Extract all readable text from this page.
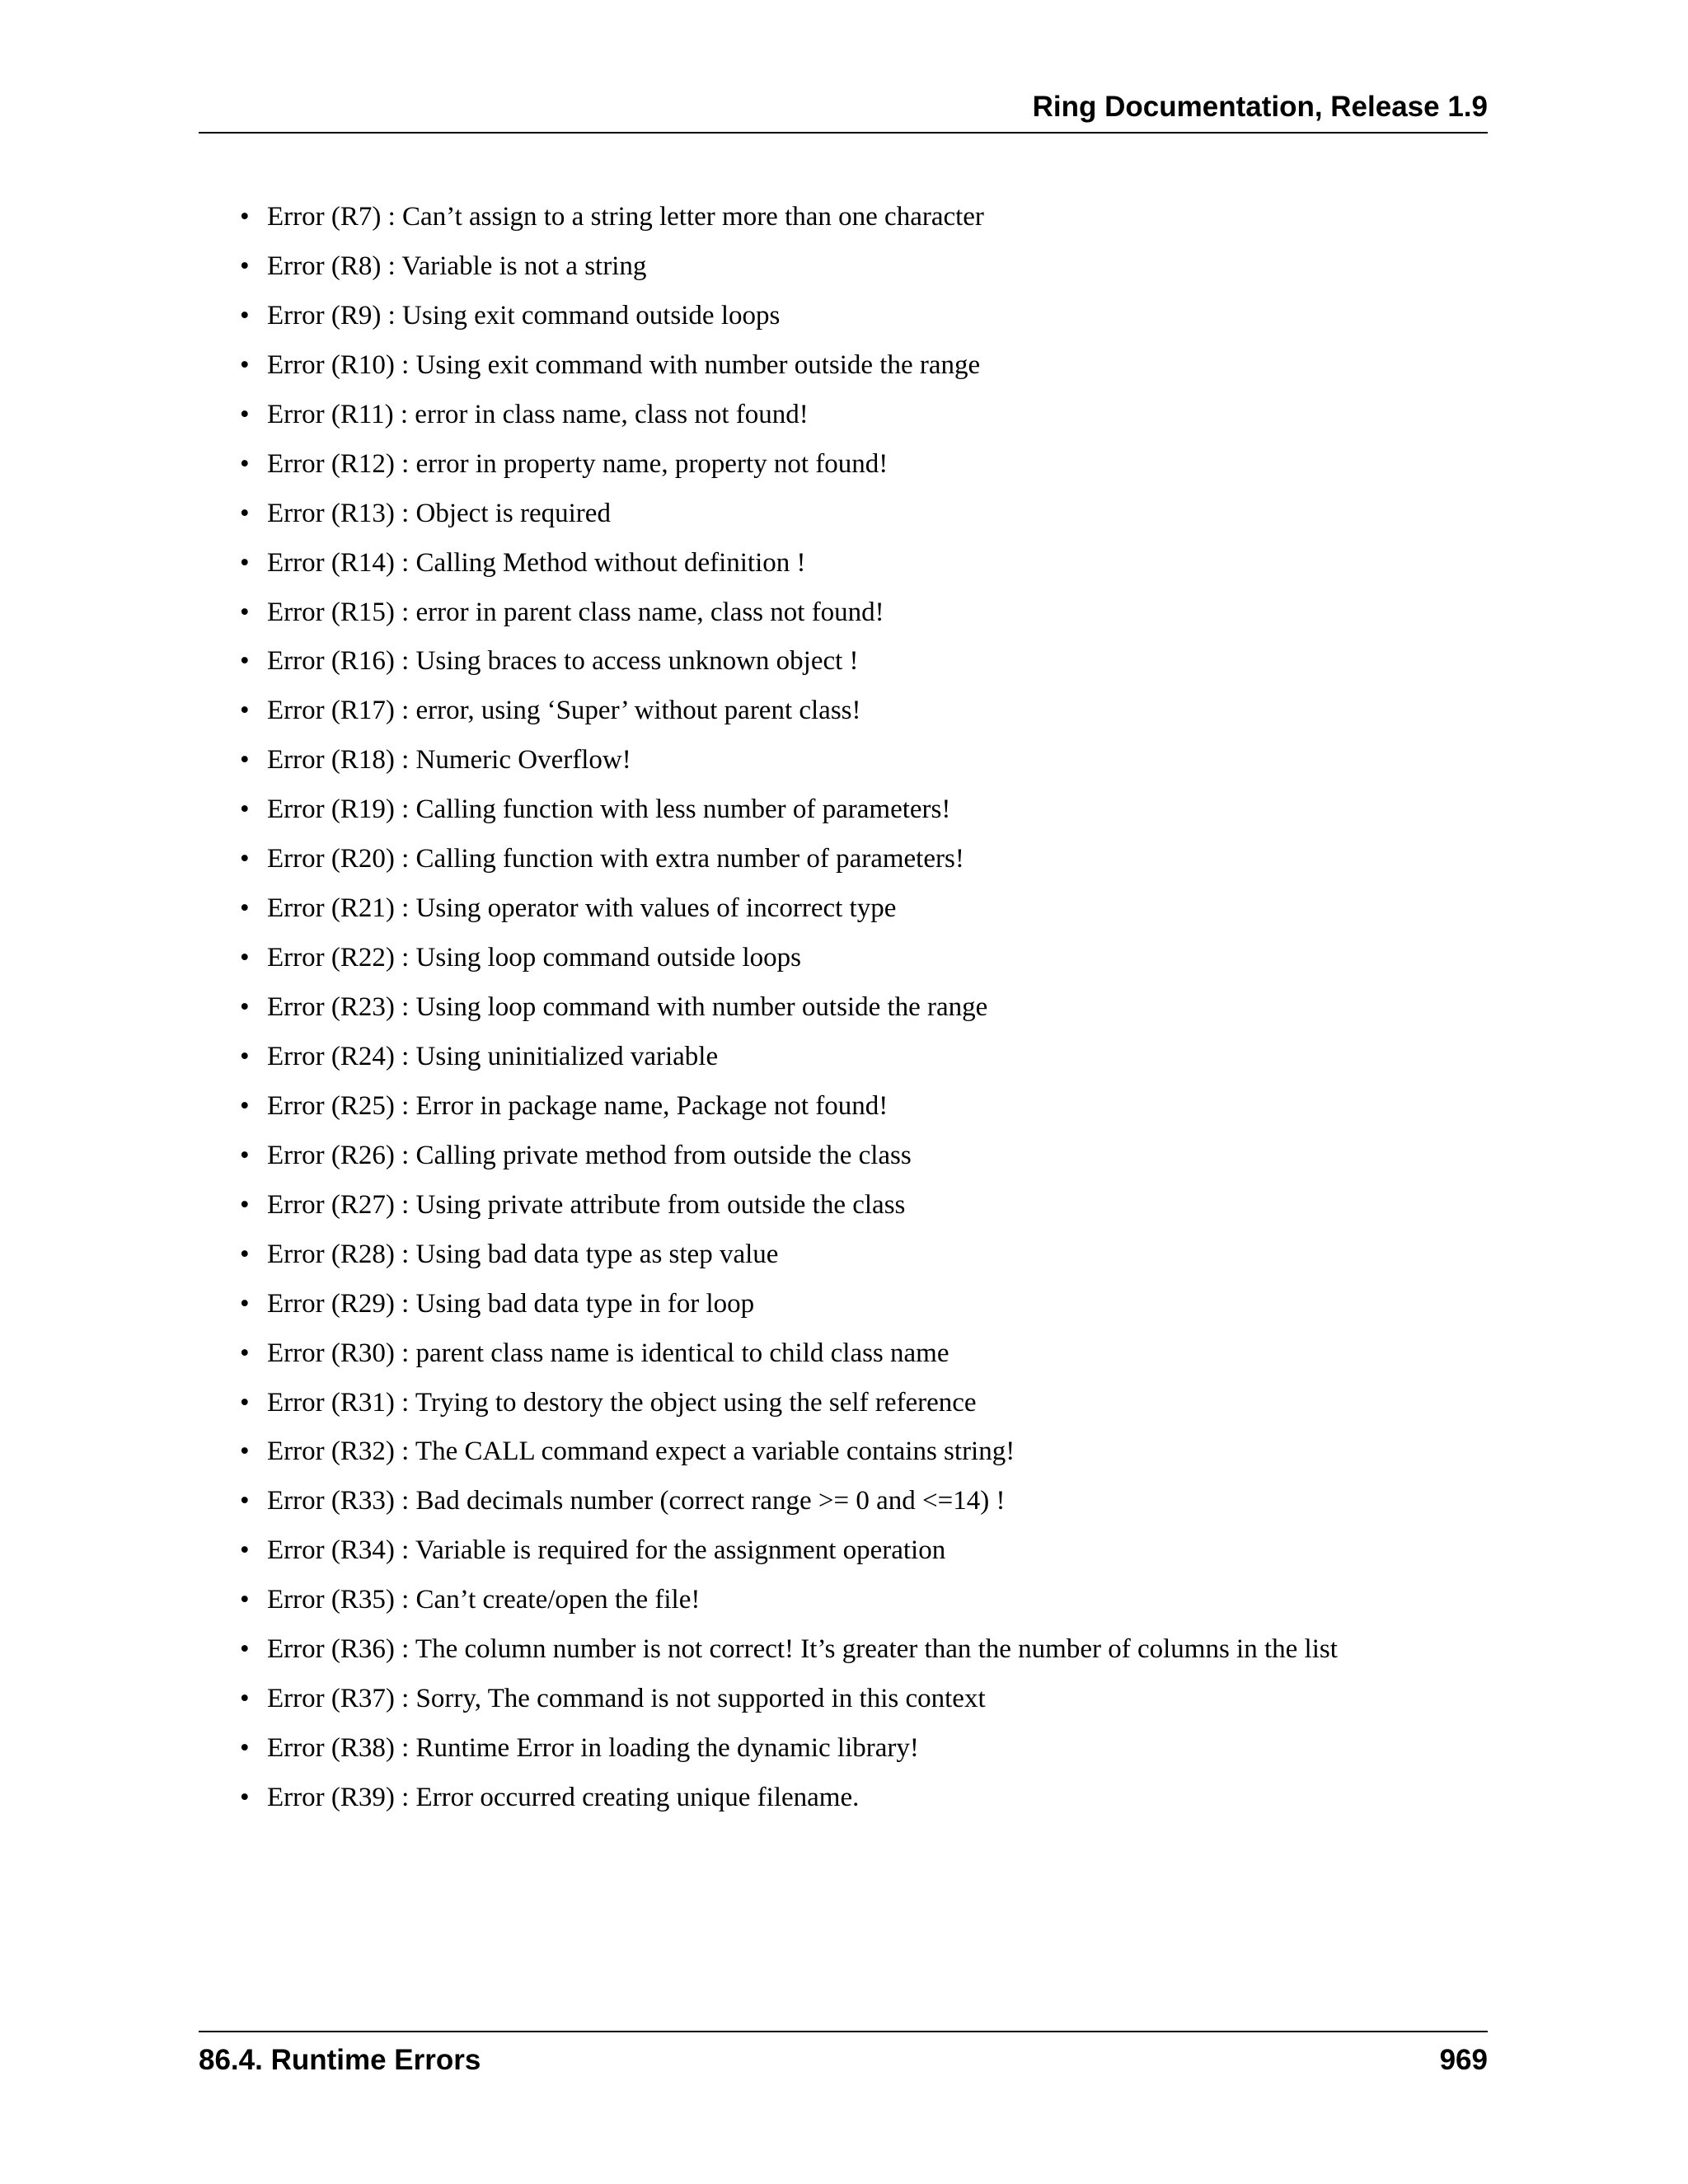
Ring Documentation, Release 1.9
• Error (R7) : Can’t assign to a string letter more than one character
• Error (R8) : Variable is not a string
• Error (R9) : Using exit command outside loops
• Error (R10) : Using exit command with number outside the range
• Error (R11) : error in class name, class not found!
• Error (R12) : error in property name, property not found!
• Error (R13) : Object is required
• Error (R14) : Calling Method without definition !
• Error (R15) : error in parent class name, class not found!
• Error (R16) : Using braces to access unknown object !
• Error (R17) : error, using ‘Super’ without parent class!
• Error (R18) : Numeric Overflow!
• Error (R19) : Calling function with less number of parameters!
• Error (R20) : Calling function with extra number of parameters!
• Error (R21) : Using operator with values of incorrect type
• Error (R22) : Using loop command outside loops
• Error (R23) : Using loop command with number outside the range
• Error (R24) : Using uninitialized variable
• Error (R25) : Error in package name, Package not found!
• Error (R26) : Calling private method from outside the class
• Error (R27) : Using private attribute from outside the class
• Error (R28) : Using bad data type as step value
• Error (R29) : Using bad data type in for loop
• Error (R30) : parent class name is identical to child class name
• Error (R31) : Trying to destory the object using the self reference
• Error (R32) : The CALL command expect a variable contains string!
• Error (R33) : Bad decimals number (correct range >= 0 and <=14) !
• Error (R34) : Variable is required for the assignment operation
• Error (R35) : Can’t create/open the file!
• Error (R36) : The column number is not correct! It’s greater than the number of columns in the list
• Error (R37) : Sorry, The command is not supported in this context
• Error (R38) : Runtime Error in loading the dynamic library!
• Error (R39) : Error occurred creating unique filename.
86.4. Runtime Errors	969
